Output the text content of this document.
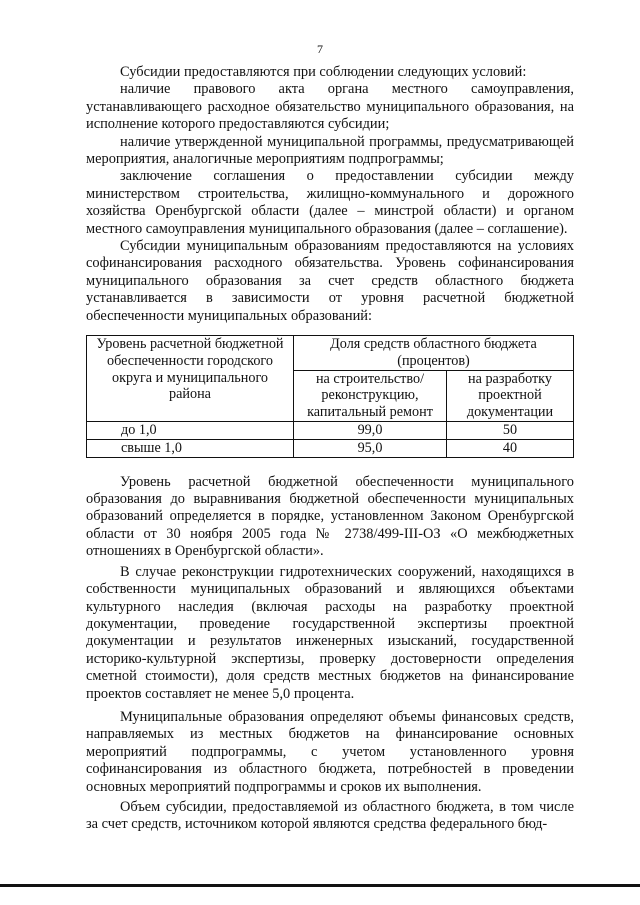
7

Субсидии предоставляются при соблюдении следующих условий:

наличие правового акта органа местного самоуправления, устанавливающего расходное обязательство муниципального образования, на исполнение которого предоставляются субсидии;

наличие утвержденной муниципальной программы, предусматривающей мероприятия, аналогичные мероприятиям подпрограммы;

заключение соглашения о предоставлении субсидии между министерством строительства, жилищно-коммунального и дорожного хозяйства Оренбургской области (далее – минстрой области) и органом местного самоуправления муниципального образования (далее – соглашение).

Субсидии муниципальным образованиям предоставляются на условиях софинансирования расходного обязательства. Уровень софинансирования муниципального образования за счет средств областного бюджета устанавливается в зависимости от уровня расчетной бюджетной обеспеченности муниципальных образований:

Уровень расчетной бюджетной обеспеченности городского округа и муниципального района	Доля средств областного бюджета (процентов)	
	на строительство/ реконструкцию, капитальный ремонт	на разработку проектной документации
до 1,0	99,0	50
свыше 1,0	95,0	40

Уровень расчетной бюджетной обеспеченности муниципального образования до выравнивания бюджетной обеспеченности муниципальных образований определяется в порядке, установленном Законом Оренбургской области от 30 ноября 2005 года № 2738/499-III-ОЗ «О межбюджетных отношениях в Оренбургской области».

В случае реконструкции гидротехнических сооружений, находящихся в собственности муниципальных образований и являющихся объектами культурного наследия (включая расходы на разработку проектной документации, проведение государственной экспертизы проектной документации и результатов инженерных изысканий, государственной историко-культурной экспертизы, проверку достоверности определения сметной стоимости), доля средств местных бюджетов на финансирование проектов составляет не менее 5,0 процента.

Муниципальные образования определяют объемы финансовых средств, направляемых из местных бюджетов на финансирование основных мероприятий подпрограммы, с учетом установленного уровня софинансирования из областного бюджета, потребностей в проведении основных мероприятий подпрограммы и сроков их выполнения.

Объем субсидии, предоставляемой из областного бюджета, в том числе за счет средств, источником которой являются средства федерального бюд-
